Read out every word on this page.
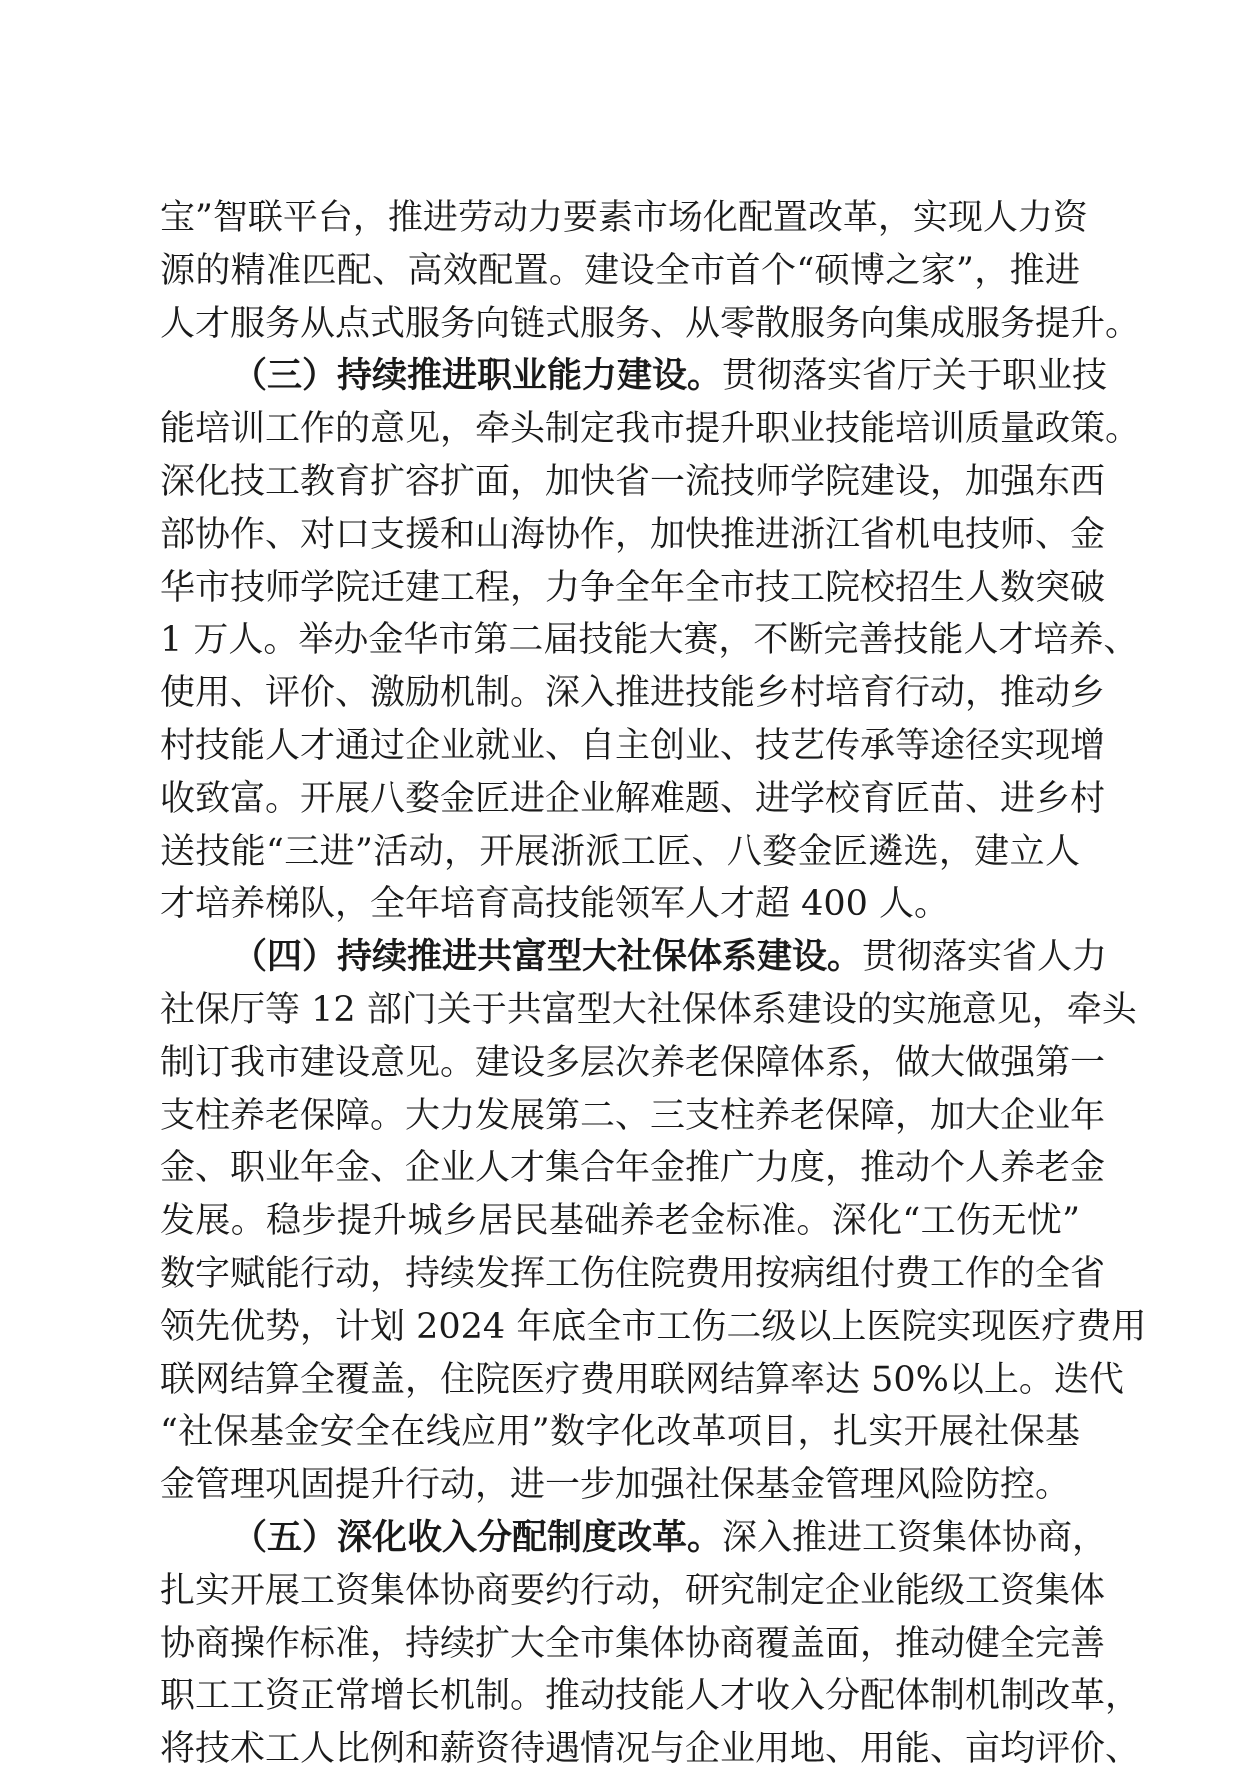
宝”智联平台，推进劳动力要素市场化配置改革，实现人力资
源的精准匹配、高效配置。建设全市首个“硕博之家”，推进
人才服务从点式服务向链式服务、从零散服务向集成服务提升。
（三）持续推进职业能力建设。贯彻落实省厅关于职业技
能培训工作的意见，牵头制定我市提升职业技能培训质量政策。
深化技工教育扩容扩面，加快省一流技师学院建设，加强东西
部协作、对口支援和山海协作，加快推进浙江省机电技师、金
华市技师学院迁建工程，力争全年全市技工院校招生人数突破
1 万人。举办金华市第二届技能大赛，不断完善技能人才培养、
使用、评价、激励机制。深入推进技能乡村培育行动，推动乡
村技能人才通过企业就业、自主创业、技艺传承等途径实现增
收致富。开展八婺金匠进企业解难题、进学校育匠苗、进乡村
送技能“三进”活动，开展浙派工匠、八婺金匠遴选，建立人
才培养梯队，全年培育高技能领军人才超 400 人。
（四）持续推进共富型大社保体系建设。贯彻落实省人力
社保厅等 12 部门关于共富型大社保体系建设的实施意见，牵头
制订我市建设意见。建设多层次养老保障体系，做大做强第一
支柱养老保障。大力发展第二、三支柱养老保障，加大企业年
金、职业年金、企业人才集合年金推广力度，推动个人养老金
发展。稳步提升城乡居民基础养老金标准。深化“工伤无忧”
数字赋能行动，持续发挥工伤住院费用按病组付费工作的全省
领先优势，计划 2024 年底全市工伤二级以上医院实现医疗费用
联网结算全覆盖，住院医疗费用联网结算率达 50%以上。迭代
“社保基金安全在线应用”数字化改革项目，扎实开展社保基
金管理巩固提升行动，进一步加强社保基金管理风险防控。
（五）深化收入分配制度改革。深入推进工资集体协商，
扎实开展工资集体协商要约行动，研究制定企业能级工资集体
协商操作标准，持续扩大全市集体协商覆盖面，推动健全完善
职工工资正常增长机制。推动技能人才收入分配体制机制改革，
将技术工人比例和薪资待遇情况与企业用地、用能、亩均评价、
